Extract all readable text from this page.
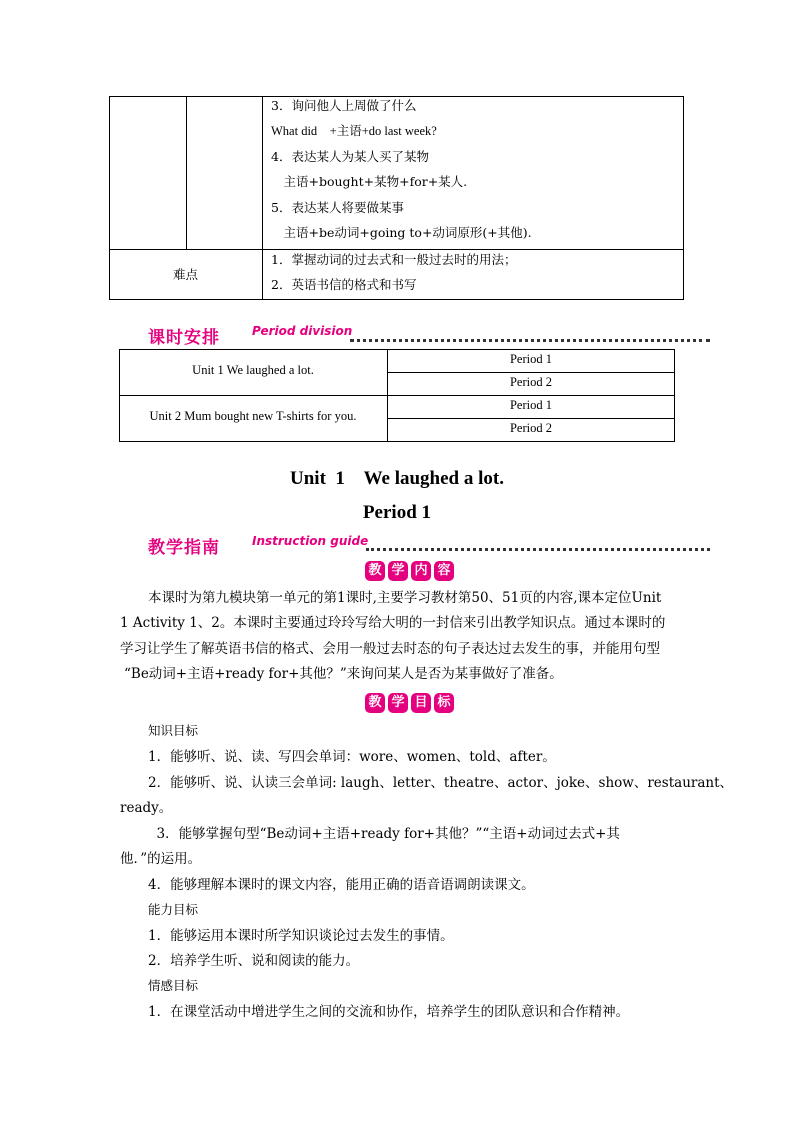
3．询问他人上周做了什么
What did　+主语+do last week?
4．表达某人为某人买了某物
　主语+bought+某物+for+某人.
5．表达某人将要做某事
　主语+be动词+going to+动词原形(+其他).
难点
1．掌握动词的过去式和一般过去时的用法；
2．英语书信的格式和书写
课时安排	Period division
Unit 1 We laughed a lot.
Unit 2 Mum bought new T-shirts for you.
Period 1
Period 2
Period 1
Period 2
Unit  1    We laughed a lot.
Period 1
教学指南	Instruction guide
教 学 内 容
本课时为第九模块第一单元的第1课时,主要学习教材第50、51页的内容,课本定位Unit
1 Activity 1、2。本课时主要通过玲玲写给大明的一封信来引出教学知识点。通过本课时的
学习让学生了解英语书信的格式、会用一般过去时态的句子表达过去发生的事，并能用句型
“Be动词+主语+ready for+其他？”来询问某人是否为某事做好了准备。
教 学 目 标
知识目标
1．能够听、说、读、写四会单词：wore、women、told、after。
2．能够听、说、认读三会单词: laugh、letter、theatre、actor、joke、show、restaurant、
ready。
　3．能够掌握句型“Be动词+主语+ready for+其他？”“主语+动词过去式+其
他．”的运用。
4．能够理解本课时的课文内容，能用正确的语音语调朗读课文。
能力目标
1．能够运用本课时所学知识谈论过去发生的事情。
2．培养学生听、说和阅读的能力。
情感目标
1．在课堂活动中增进学生之间的交流和协作，培养学生的团队意识和合作精神。
